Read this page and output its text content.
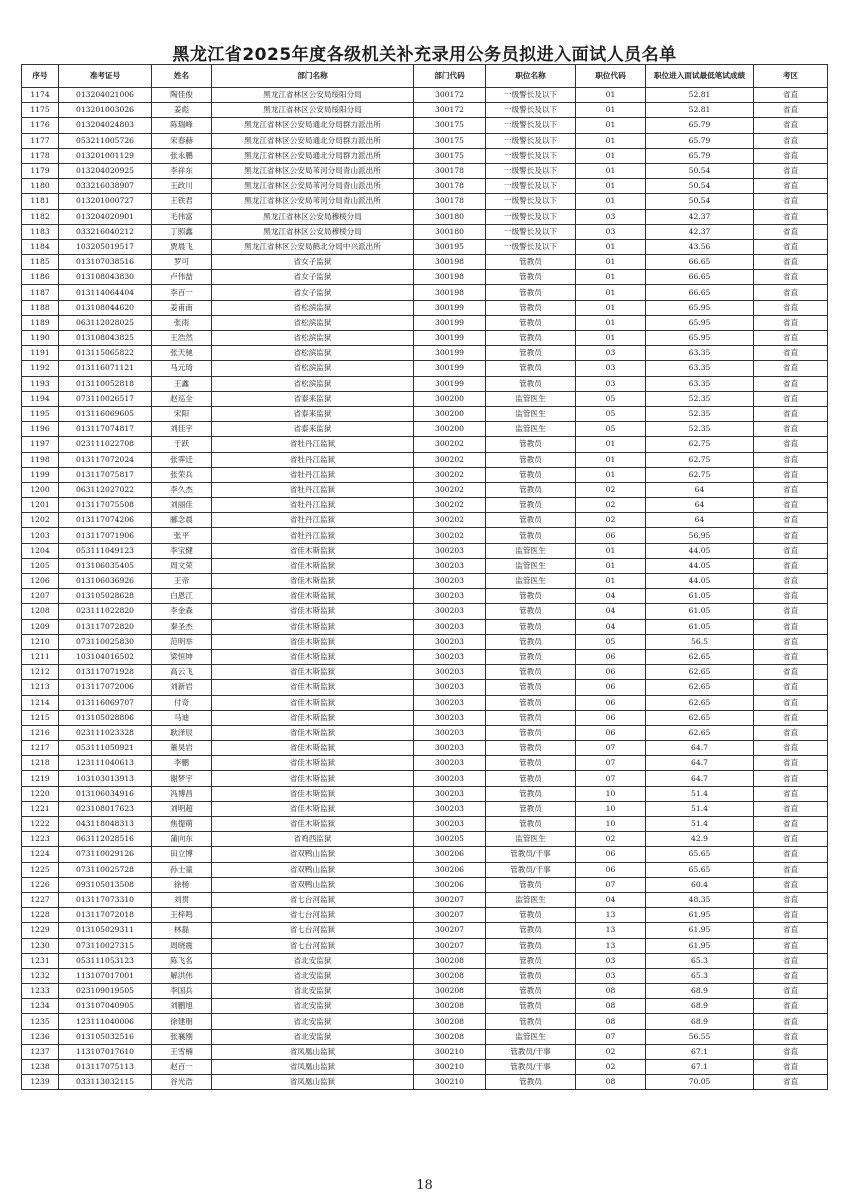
黑龙江省2025年度各级机关补充录用公务员拟进入面试人员名单
序号	准考证号	姓名	部门名称	部门代码	职位名称	职位代码	职位进入面试最低笔试成绩	考区
1174	013204021006	陶佳俊	黑龙江省林区公安局绥阳分局	300172	一级警长及以下	01	52.81	省直
1175	013201003026	姜彪	黑龙江省林区公安局绥阳分局	300172	一级警长及以下	01	52.81	省直
1176	013204024803	陈瑞峰	黑龙江省林区公安局通北分局群力派出所	300175	一级警长及以下	01	65.79	省直
1177	053211005726	宋春赫	黑龙江省林区公安局通北分局群力派出所	300175	一级警长及以下	01	65.79	省直
1178	013201001129	张永鹏	黑龙江省林区公安局通北分局群力派出所	300175	一级警长及以下	01	65.79	省直
1179	013204020925	李祥东	黑龙江省林区公安局苇河分局青山派出所	300178	一级警长及以下	01	50.54	省直
1180	033216038907	王政川	黑龙江省林区公安局苇河分局青山派出所	300178	一级警长及以下	01	50.54	省直
1181	013201000727	王铁君	黑龙江省林区公安局苇河分局青山派出所	300178	一级警长及以下	01	50.54	省直
1182	013204020901	毛伟富	黑龙江省林区公安局穆棱分局	300180	一级警长及以下	03	42.37	省直
1183	033216040212	丁照鑫	黑龙江省林区公安局穆棱分局	300180	一级警长及以下	03	42.37	省直
1184	103205019517	贾晨飞	黑龙江省林区公安局鹤北分局中兴派出所	300195	一级警长及以下	01	43.56	省直
1185	013107038516	罗可	省女子监狱	300198	管教员	01	66.65	省直
1186	013108043830	卢伟喆	省女子监狱	300198	管教员	01	66.65	省直
1187	013114064404	李百一	省女子监狱	300198	管教员	01	66.65	省直
1188	013108044620	姜甫南	省松滨监狱	300199	管教员	01	65.95	省直
1189	063112028025	张雨	省松滨监狱	300199	管教员	01	65.95	省直
1190	013108043825	王浩然	省松滨监狱	300199	管教员	01	65.95	省直
1191	013115065822	张天驰	省松滨监狱	300199	管教员	03	63.35	省直
1192	013116071121	马元琦	省松滨监狱	300199	管教员	03	63.35	省直
1193	013110052818	王鑫	省松滨监狱	300199	管教员	03	63.35	省直
1194	073110026517	赵巡全	省泰来监狱	300200	监管医生	05	52.35	省直
1195	013116069605	宋阳	省泰来监狱	300200	监管医生	05	52.35	省直
1196	013117074817	刘佳宇	省泰来监狱	300200	监管医生	05	52.35	省直
1197	023111022708	于跃	省牡丹江监狱	300202	管教员	01	62.75	省直
1198	013117072024	张霁迁	省牡丹江监狱	300202	管教员	01	62.75	省直
1199	013117075817	张荣兵	省牡丹江监狱	300202	管教员	01	62.75	省直
1200	063112027022	李久杰	省牡丹江监狱	300202	管教员	02	64	省直
1201	013117075508	刘丽佳	省牡丹江监狱	300202	管教员	02	64	省直
1202	013117074206	郦念晨	省牡丹江监狱	300202	管教员	02	64	省直
1203	013117071906	张平	省牡丹江监狱	300202	管教员	06	56.95	省直
1204	053111049123	李宝健	省佳木斯监狱	300203	监管医生	01	44.05	省直
1205	013106035405	周文荣	省佳木斯监狱	300203	监管医生	01	44.05	省直
1206	013106036926	王帝	省佳木斯监狱	300203	监管医生	01	44.05	省直
1207	013105028628	白恩江	省佳木斯监狱	300203	管教员	04	61.05	省直
1208	023111022820	李金森	省佳木斯监狱	300203	管教员	04	61.05	省直
1209	013117072820	秦圣杰	省佳木斯监狱	300203	管教员	04	61.05	省直
1210	073110025830	范明举	省佳木斯监狱	300203	管教员	05	56.5	省直
1211	103104016502	梁恒坤	省佳木斯监狱	300203	管教员	06	62.65	省直
1212	013117071928	高云飞	省佳木斯监狱	300203	管教员	06	62.65	省直
1213	013117072006	刘新岩	省佳木斯监狱	300203	管教员	06	62.65	省直
1214	013116069707	付奇	省佳木斯监狱	300203	管教员	06	62.65	省直
1215	013105028806	马迪	省佳木斯监狱	300203	管教员	06	62.65	省直
1216	023111023328	耿泽辰	省佳木斯监狱	300203	管教员	06	62.65	省直
1217	053111050921	董昊岩	省佳木斯监狱	300203	管教员	07	64.7	省直
1218	123111040613	李鹏	省佳木斯监狱	300203	管教员	07	64.7	省直
1219	103103013913	谢梦宇	省佳木斯监狱	300203	管教员	07	64.7	省直
1220	013106034916	冯博昌	省佳木斯监狱	300203	管教员	10	51.4	省直
1221	023108017623	刘明超	省佳木斯监狱	300203	管教员	10	51.4	省直
1222	043118048313	焦提萌	省佳木斯监狱	300203	管教员	10	51.4	省直
1223	063112028516	蒲向东	省鸡西监狱	300205	监管医生	02	42.9	省直
1224	073110029126	田立博	省双鸭山监狱	300206	管教员/干事	06	65.65	省直
1225	073110025728	孙士童	省双鸭山监狱	300206	管教员/干事	06	65.65	省直
1226	093105013508	徐杨	省双鸭山监狱	300206	管教员	07	60.4	省直
1227	013117073310	刘贯	省七台河监狱	300207	监管医生	04	48.35	省直
1228	013117072018	王梓鸣	省七台河监狱	300207	管教员	13	61.95	省直
1229	013105029311	林磊	省七台河监狱	300207	管教员	13	61.95	省直
1230	073110027315	周晓震	省七台河监狱	300207	管教员	13	61.95	省直
1231	053111053123	陈飞名	省北安监狱	300208	管教员	03	65.3	省直
1232	113107017001	解洪伟	省北安监狱	300208	管教员	03	65.3	省直
1233	023109019505	李国兵	省北安监狱	300208	管教员	08	68.9	省直
1234	013107040905	刘鹏旭	省北安监狱	300208	管教员	08	68.9	省直
1235	123111040006	徐建朋	省北安监狱	300208	管教员	08	68.9	省直
1236	013105032516	张襄刚	省北安监狱	300208	监管医生	07	56.55	省直
1237	113107017610	王雪楠	省凤凰山监狱	300210	管教员/干事	02	67.1	省直
1238	013117075113	赵百一	省凤凰山监狱	300210	管教员/干事	02	67.1	省直
1239	033113032115	谷光浩	省凤凰山监狱	300210	管教员	08	70.05	省直
18
